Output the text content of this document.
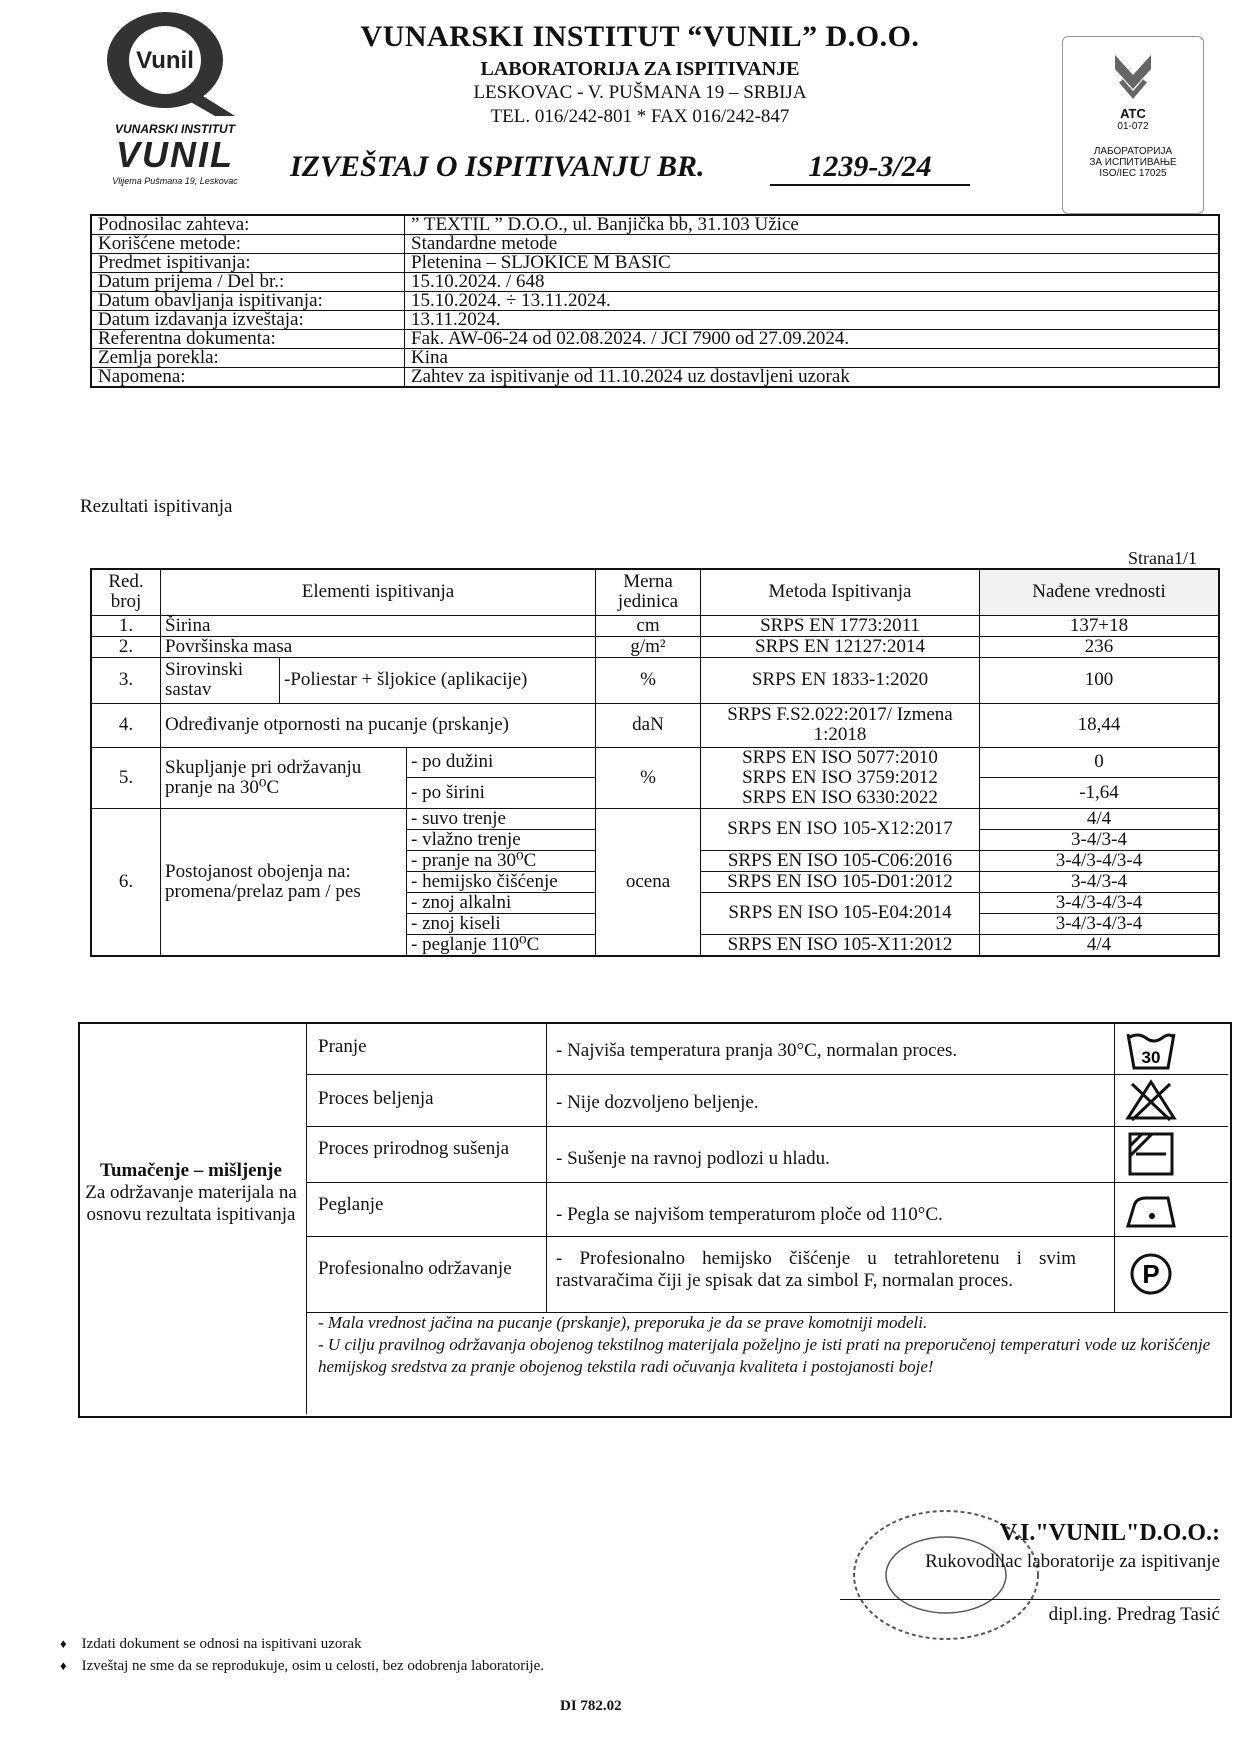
Vunil
VUNARSKI INSTITUT
VUNIL
Vlijema Pušmana 19, Leskovac
VUNARSKI INSTITUT “VUNIL” D.O.O.
LABORATORIJA ZA ISPITIVANJE
LESKOVAC - V. PUŠMANA 19 – SRBIJA
TEL. 016/242-801 * FAX 016/242-847
IZVEŠTAJ O ISPITIVANJU BR.	1239-3/24
ATC
01-072
ЛАБОРАТОРИЈА
ЗА ИСПИТИВАЊЕ
ISO/IEC 17025
Podnosilac zahteva:	” TEXTIL ” D.O.O., ul. Banjička bb, 31.103 Užice
Korišćene metode:	Standardne metode
Predmet ispitivanja:	Pletenina – SLJOKICE M BASIC
Datum prijema / Del br.:	15.10.2024. / 648
Datum obavljanja ispitivanja:	15.10.2024. ÷ 13.11.2024.
Datum izdavanja izveštaja:	13.11.2024.
Referentna dokumenta:	Fak. AW-06-24 od 02.08.2024. / JCI 7900 od 27.09.2024.
Zemlja porekla:	Kina
Napomena:	Zahtev za ispitivanje od 11.10.2024 uz dostavljeni uzorak
Rezultati ispitivanja
Strana1/1
Red. broj	Elementi ispitivanja			Merna jedinica	Metoda Ispitivanja	Nađene vrednosti
1.	Širina			cm	SRPS EN 1773:2011	137+18
2.	Površinska masa			g/m²	SRPS EN 12127:2014	236
3.	Sirovinski sastav	-Poliestar + šljokice (aplikacije)		%	SRPS EN 1833-1:2020	100
4.	Određivanje otpornosti na pucanje (prskanje)			daN	SRPS F.S2.022:2017/ Izmena 1:2018	18,44
5.	Skupljanje pri održavanju pranje na 30⁰C		- po dužini	%	SRPS EN ISO 5077:2010
SRPS EN ISO 3759:2012
SRPS EN ISO 6330:2022	0
			- po širini			-1,64
6.	Postojanost obojenja na: promena/prelaz pam / pes		- suvo trenje	ocena	SRPS EN ISO 105-X12:2017	4/4
			- vlažno trenje			3-4/3-4
			- pranje na 30⁰C		SRPS EN ISO 105-C06:2016	3-4/3-4/3-4
			- hemijsko čišćenje		SRPS EN ISO 105-D01:2012	3-4/3-4
			- znoj alkalni		SRPS EN ISO 105-E04:2014	3-4/3-4/3-4
			- znoj kiseli			3-4/3-4/3-4
			- peglanje 110⁰C		SRPS EN ISO 105-X11:2012	4/4
Tumačenje – mišljenje
Za održavanje materijala na osnovu rezultata ispitivanja
Pranje	- Najviša temperatura pranja 30°C, normalan proces.	30
Proces beljenja	- Nije dozvoljeno beljenje.
Proces prirodnog sušenja - Sušenje na ravnoj podlozi u hladu.
Peglanje	- Pegla se najvišom temperaturom ploče od 110°C.
Profesionalno održavanje - Profesionalno hemijsko čišćenje u tetrahloretenu i svim rastvaračima čiji je spisak dat za simbol F, normalan proces.	P
- Mala vrednost jačina na pucanje (prskanje), preporuka je da se prave komotniji modeli.
- U cilju pravilnog održavanja obojenog tekstilnog materijala poželjno je isti prati na preporučenoj temperaturi vode uz korišćenje hemijskog sredstva za pranje obojenog tekstila radi očuvanja kvaliteta i postojanosti boje!
V.I."VUNIL"D.O.O.:
Rukovodilac laboratorije za ispitivanje
dipl.ing. Predrag Tasić
♦ Izdati dokument se odnosi na ispitivani uzorak
♦ Izveštaj ne sme da se reprodukuje, osim u celosti, bez odobrenja laboratorije.
DI 782.02
